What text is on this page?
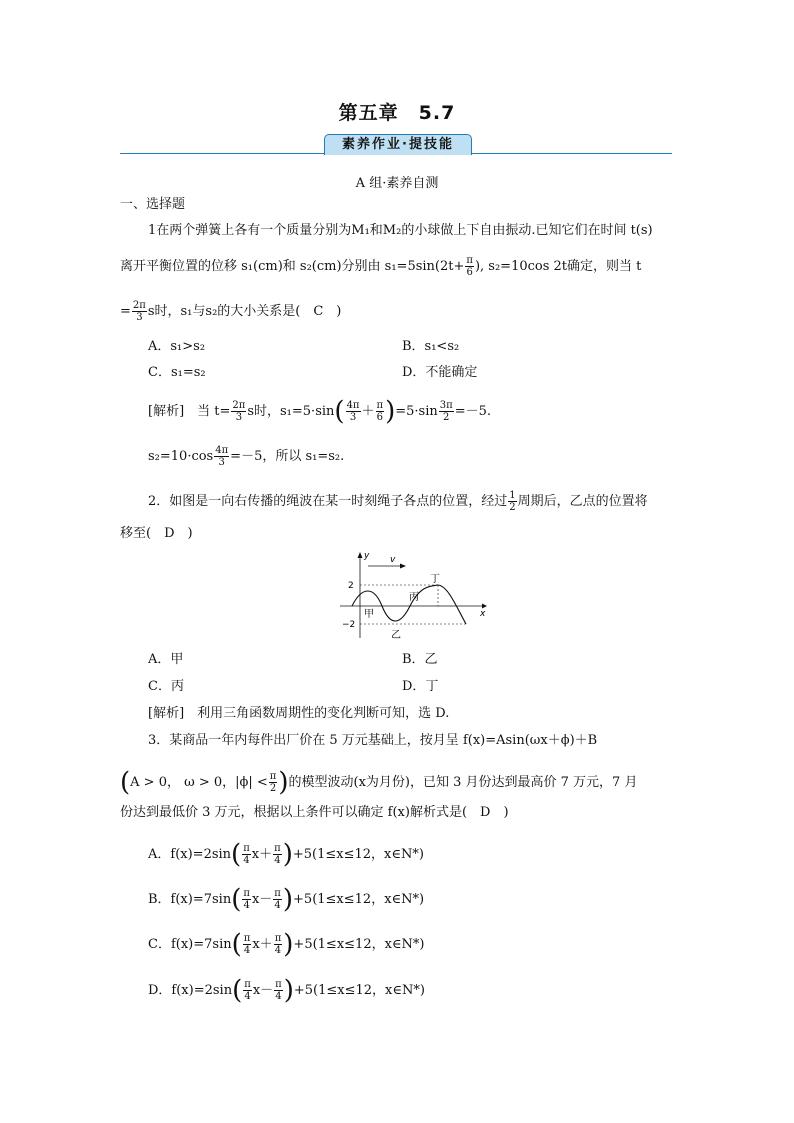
第五章　5.7
素养作业·提技能
A 组·素养自测
一、选择题
1在两个弹簧上各有一个质量分别为M₁和M₂的小球做上下自由振动.已知它们在时间 t(s)
离开平衡位置的位移 s₁(cm)和 s₂(cm)分别由 $s_1=5\sin(2t+ \frac{\pi}{6}$ ), s₂=10cos 2t确定，则当 t
= $\frac{2\pi}{3}$ s时，s₁与s₂的大小关系是(　C　)
A．s₁>s₂	B．s₁<s₂
C．s₁=s₂	D．不能确定
[解析]　当 $t= \frac{2\pi}{3}$ s时，$s_1=5\cdot\sin( \frac{4\pi}{3} + \frac{\pi}{6} )=5\cdot\sin \frac{3\pi}{2} =-5$.
$s_2=10\cdot\cos \frac{4\pi}{3} =-5$，所以 s₁=s₂.
2．如图是一向右传播的绳波在某一时刻绳子各点的位置，经过 $\frac{1}{2}$ 周期后，乙点的位置将
移至(　D　)
v
y
x
2
−2
甲
乙
丙
丁
A．甲	B．乙
C．丙	D．丁
[解析]　利用三角函数周期性的变化判断可知，选 D.
3．某商品一年内每件出厂价在 5 万元基础上，按月呈 f(x)=Asin(ωx＋ϕ)＋B
(A > 0， ω > 0，$|\phi| < \frac{\pi}{2}$ )的模型波动(x为月份)，已知 3 月份达到最高价 7 万元，7 月
份达到最低价 3 万元，根据以上条件可以确定 f(x)解析式是(　D　)
A．$f(x)=2\sin( \frac{\pi}{4} x+ \frac{\pi}{4} )+5(1\le x\le 12$，x∈N*)
B．$f(x)=7\sin( \frac{\pi}{4} x- \frac{\pi}{4} )+5(1\le x\le 12$，x∈N*)
C．$f(x)=7\sin( \frac{\pi}{4} x+ \frac{\pi}{4} )+5(1\le x\le 12$，x∈N*)
D．$f(x)=2\sin( \frac{\pi}{4} x- \frac{\pi}{4} )+5(1\le x\le 12$，x∈N*)
